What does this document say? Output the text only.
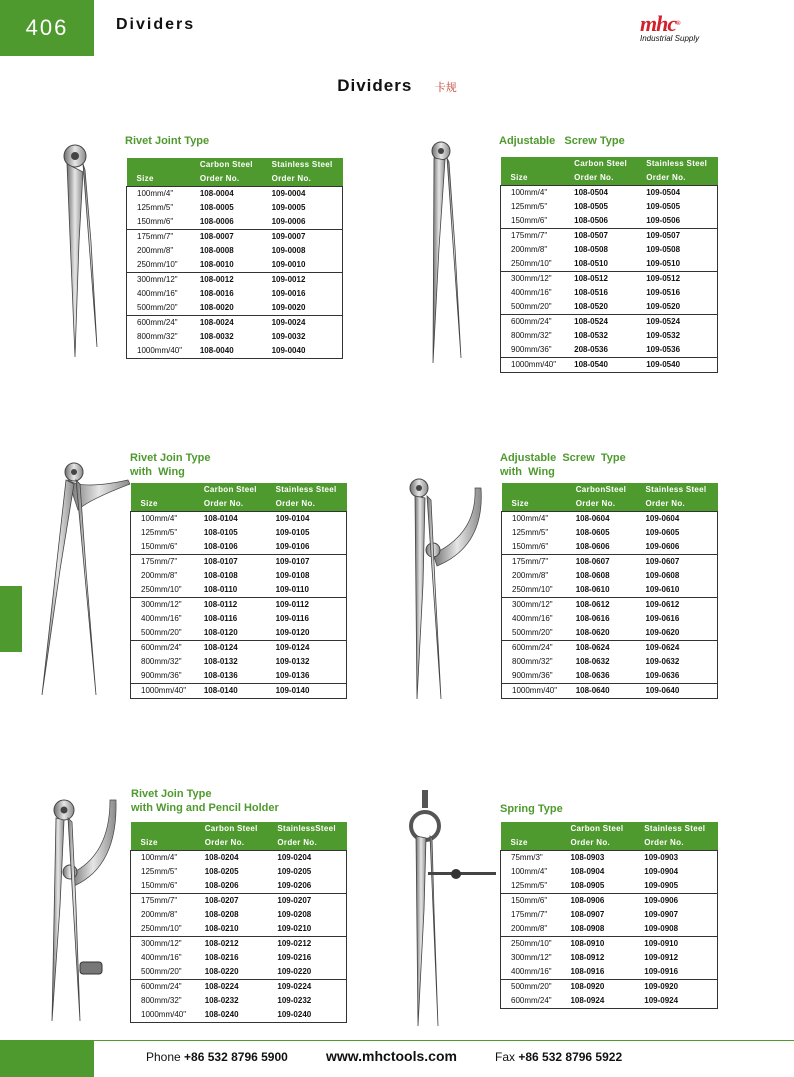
406	Dividers	mhc®
Industrial Supply
Dividers 卡规
Rivet Joint Type	Adjustable   Screw Type
Rivet Join Type
with  Wing
Adjustable  Screw  Type
with  Wing
Rivet Join Type
with Wing and Pencil Holder	Spring Type
	Carbon Steel	Stainless Steel
Size	Order No.	Order No.
100mm/4"	108-0004	109-0004
125mm/5"	108-0005	109-0005
150mm/6"	108-0006	109-0006
175mm/7"	108-0007	109-0007
200mm/8"	108-0008	109-0008
250mm/10"	108-0010	109-0010
300mm/12"	108-0012	109-0012
400mm/16"	108-0016	109-0016
500mm/20"	108-0020	109-0020
600mm/24"	108-0024	109-0024
800mm/32"	108-0032	109-0032
1000mm/40"	108-0040	109-0040
	Carbon Steel	Stainless Steel
Size	Order No.	Order No.
100mm/4"	108-0504	109-0504
125mm/5"	108-0505	109-0505
150mm/6"	108-0506	109-0506
175mm/7"	108-0507	109-0507
200mm/8"	108-0508	109-0508
250mm/10"	108-0510	109-0510
300mm/12"	108-0512	109-0512
400mm/16"	108-0516	109-0516
500mm/20"	108-0520	109-0520
600mm/24"	108-0524	109-0524
800mm/32"	108-0532	109-0532
900mm/36"	208-0536	109-0536
1000mm/40"	108-0540	109-0540
	Carbon Steel	Stainless Steel
Size	Order No.	Order No.
100mm/4"	108-0104	109-0104
125mm/5"	108-0105	109-0105
150mm/6"	108-0106	109-0106
175mm/7"	108-0107	109-0107
200mm/8"	108-0108	109-0108
250mm/10"	108-0110	109-0110
300mm/12"	108-0112	109-0112
400mm/16"	108-0116	109-0116
500mm/20"	108-0120	109-0120
600mm/24"	108-0124	109-0124
800mm/32"	108-0132	109-0132
900mm/36"	108-0136	109-0136
1000mm/40"	108-0140	109-0140
	CarbonSteel	Stainless Steel
Size	Order No.	Order No.
100mm/4"	108-0604	109-0604
125mm/5"	108-0605	109-0605
150mm/6"	108-0606	109-0606
175mm/7"	108-0607	109-0607
200mm/8"	108-0608	109-0608
250mm/10"	108-0610	109-0610
300mm/12"	108-0612	109-0612
400mm/16"	108-0616	109-0616
500mm/20"	108-0620	109-0620
600mm/24"	108-0624	109-0624
800mm/32"	108-0632	109-0632
900mm/36"	108-0636	109-0636
1000mm/40"	108-0640	109-0640
	Carbon Steel	StainlessSteel
Size	Order No.	Order No.
100mm/4"	108-0204	109-0204
125mm/5"	108-0205	109-0205
150mm/6"	108-0206	109-0206
175mm/7"	108-0207	109-0207
200mm/8"	108-0208	109-0208
250mm/10"	108-0210	109-0210
300mm/12"	108-0212	109-0212
400mm/16"	108-0216	109-0216
500mm/20"	108-0220	109-0220
600mm/24"	108-0224	109-0224
800mm/32"	108-0232	109-0232
1000mm/40"	108-0240	109-0240
	Carbon Steel	Stainless Steel
Size	Order No.	Order No.
75mm/3"	108-0903	109-0903
100mm/4"	108-0904	109-0904
125mm/5"	108-0905	109-0905
150mm/6"	108-0906	109-0906
175mm/7"	108-0907	109-0907
200mm/8"	108-0908	109-0908
250mm/10"	108-0910	109-0910
300mm/12"	108-0912	109-0912
400mm/16"	108-0916	109-0916
500mm/20"	108-0920	109-0920
600mm/24"	108-0924	109-0924
Phone +86 532 8796 5900	www.mhctools.com	Fax +86 532 8796 5922
